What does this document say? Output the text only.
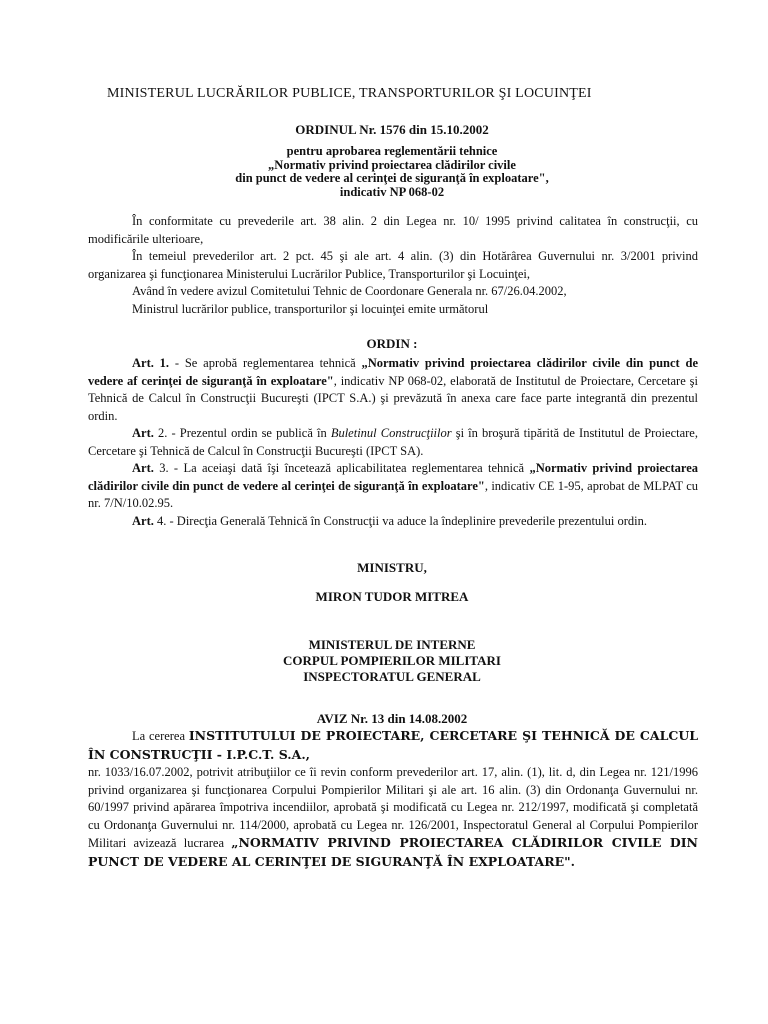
MINISTERUL LUCRĂRILOR PUBLICE, TRANSPORTURILOR ŞI LOCUINŢEI
ORDINUL Nr. 1576 din 15.10.2002
pentru aprobarea reglementării tehnice
„Normativ privind proiectarea clădirilor civile
din punct de vedere al cerinţei de siguranţă în exploatare",
indicativ NP 068-02

În conformitate cu prevederile art. 38 alin. 2 din Legea nr. 10/ 1995 privind calitatea în construcţii, cu modificările ulterioare,

În temeiul prevederilor art. 2 pct. 45 şi ale art. 4 alin. (3) din Hotărârea Guvernului nr. 3/2001 privind organizarea şi funcţionarea Ministerului Lucrărilor Publice, Transporturilor şi Locuinţei,

Având în vedere avizul Comitetului Tehnic de Coordonare Generala nr. 67/26.04.2002,

Ministrul lucrărilor publice, transporturilor şi locuinţei emite următorul

ORDIN :

Art. 1. - Se aprobă reglementarea tehnică „Normativ privind proiectarea clădirilor civile din punct de vedere af cerinţei de siguranţă în exploatare", indicativ NP 068-02, elaborată de Institutul de Proiectare, Cercetare şi Tehnică de Calcul în Construcţii Bucureşti (IPCT S.A.) şi prevăzută în anexa care face parte integrantă din prezentul ordin.

Art. 2. - Prezentul ordin se publică în Buletinul Construcţiilor şi în broşură tipărită de Institutul de Proiectare, Cercetare şi Tehnică de Calcul în Construcţii Bucureşti (IPCT SA).

Art. 3. - La aceiaşi dată îşi încetează aplicabilitatea reglementarea tehnică „Normativ privind proiectarea clădirilor civile din punct de vedere al cerinţei de siguranţă în exploatare", indicativ CE 1-95, aprobat de MLPAT cu nr. 7/N/10.02.95.

Art. 4. - Direcţia Generală Tehnică în Construcţii va aduce la îndeplinire prevederile prezentului ordin.

MINISTRU,
MIRON TUDOR MITREA
MINISTERUL DE INTERNE
CORPUL POMPIERILOR MILITARI
INSPECTORATUL GENERAL
AVIZ Nr. 13 din 14.08.2002

La cererea INSTITUTULUI DE PROIECTARE, CERCETARE ŞI TEHNICĂ DE CALCUL ÎN CONSTRUCŢII - I.P.C.T. S.A.,

nr. 1033/16.07.2002, potrivit atribuţiilor ce îi revin conform prevederilor art. 17, alin. (1), lit. d, din Legea nr. 121/1996 privind organizarea şi funcţionarea Corpului Pompierilor Militari şi ale art. 16 alin. (3) din Ordonanţa Guvernului nr. 60/1997 privind apărarea împotriva incendiilor, aprobată şi modificată cu Legea nr. 212/1997, modificată şi completată cu Ordonanţa Guvernului nr. 114/2000, aprobată cu Legea nr. 126/2001, Inspectoratul General al Corpului Pompierilor Militari avizează lucrarea „NORMATIV PRIVIND PROIECTAREA CLĂDIRILOR CIVILE DIN PUNCT DE VEDERE AL CERINŢEI DE SIGURANŢĂ ÎN EXPLOATARE".
